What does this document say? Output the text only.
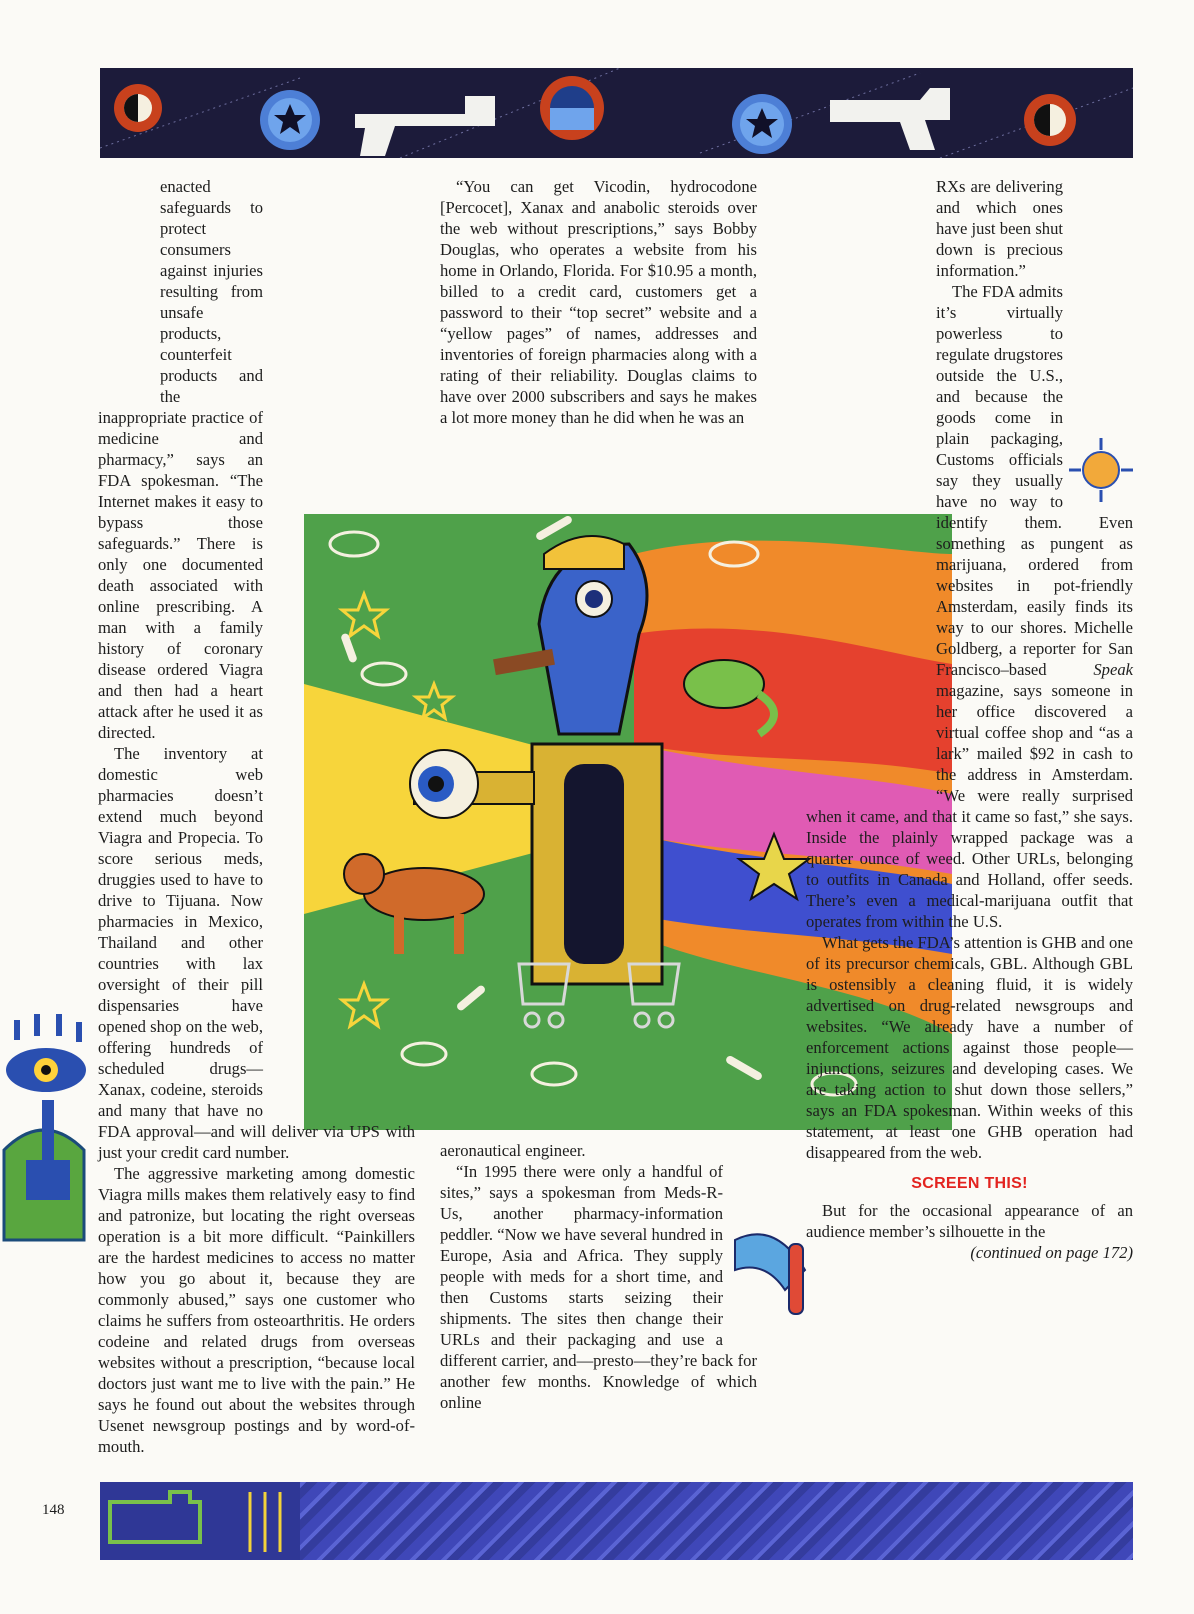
“You can get Vicodin, hydrocodone [Percocet], Xanax and anabolic steroids over the web without prescriptions,” says Bobby Douglas, who operates a website from his home in Orlando, Florida. For $10.95 a month, billed to a credit card, customers get a password to their “top secret” website and a “yellow pages” of names, addresses and inventories of foreign pharmacies along with a rating of their reliability. Douglas claims to have over 2000 subscribers and says he makes a lot more money than he did when he was an

aeronautical engineer.

“In 1995 there were only a handful of sites,” says a spokesman from Meds-R-Us, another pharmacy-information peddler. “Now we have several hundred in Europe, Asia and Africa. They supply people with meds for a short time, and then Customs starts seizing their shipments. The sites then change their URLs and their packaging and use a different carrier, and—presto—they’re back for another few months. Knowledge of which online

RXs are delivering and which ones have just been shut down is precious information.”

The FDA admits it’s virtually powerless to regulate drugstores outside the U.S., and because the goods come in plain packaging, Customs officials say they usually have no way to identify them. Even something as pungent as marijuana, ordered from websites in pot-friendly Amsterdam, easily finds its way to our shores. Michelle Goldberg, a reporter for San Francisco–based	Speak magazine, says someone in her office discovered a virtual coffee shop and “as a lark” mailed $92 in cash to the address in Amsterdam. “We were really surprised when it came, and that it came so fast,” she says. Inside the plainly wrapped package was a quarter ounce of weed. Other URLs, belonging to outfits in Canada and Holland, offer seeds. There’s even a medical-marijuana outfit that operates from within the U.S.

What gets the FDA’s attention is GHB and one of its precursor chemicals, GBL. Although GBL is ostensibly a cleaning fluid, it is widely advertised on drug-related newsgroups and websites. “We already have a number of enforcement actions against those people—injunctions, seizures and developing cases. We are taking action to shut down those sellers,” says an FDA spokesman. Within weeks of this statement, at least one GHB operation had disappeared from the web.

SCREEN THIS!

But for the occasional appearance of an audience member’s silhouette in the

(continued on page 172)

enacted safeguards to protect consumers against injuries resulting from unsafe products, counterfeit products and the inappropriate practice of medicine and pharmacy,” says an FDA spokesman. “The Internet makes it easy to bypass those safeguards.” There is only one documented death associated with online prescribing. A man with a family history of coronary disease ordered Viagra and then had a heart attack after he used it as directed.

The inventory at domestic web pharmacies doesn’t extend much beyond Viagra and Propecia. To score serious meds, druggies used to have to drive to Tijuana. Now pharmacies in Mexico, Thailand and other countries with lax oversight of their pill dispensaries have opened shop on the web, offering hundreds of scheduled drugs—Xanax, codeine, steroids and many that have no FDA approval—and will deliver via UPS with just your credit card number.

The aggressive marketing among domestic Viagra mills makes them relatively easy to find and patronize, but locating the right overseas operation is a bit more difficult. “Painkillers are the hardest medicines to access no matter how you go about it, because they are commonly abused,” says one customer who claims he suffers from osteoarthritis. He orders codeine and related drugs from overseas websites without a prescription, “because local doctors just want me to live with the pain.” He says he found out about the websites through Usenet newsgroup postings and by word-of-mouth.

148
